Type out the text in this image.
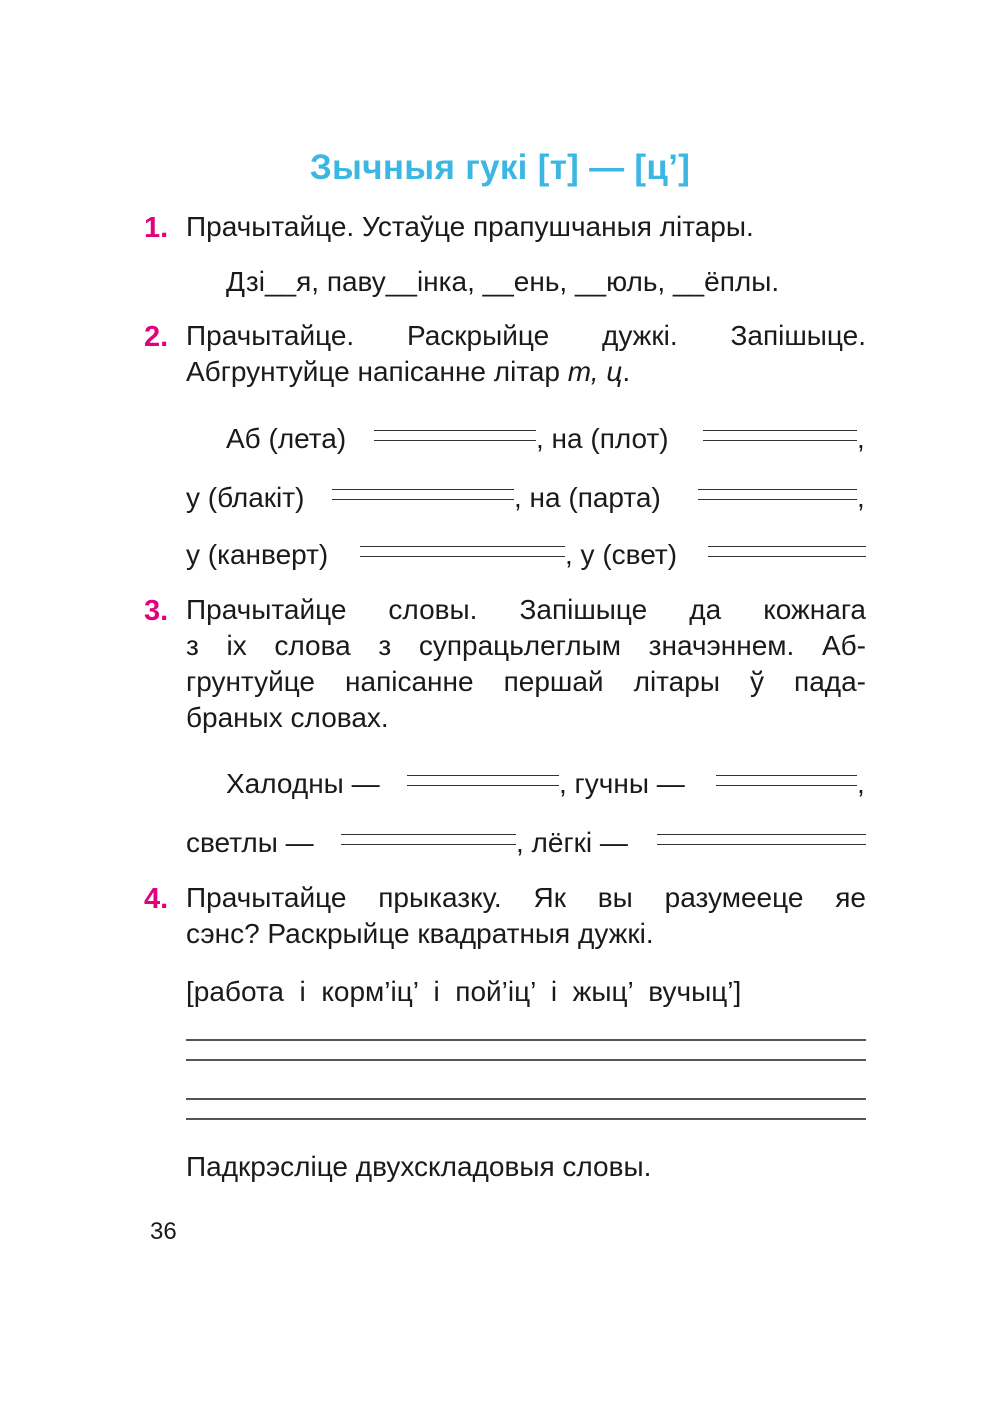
Зычныя гукі [т] — [ц’]
1. Прачытайце. Устаўце прапушчаныя літары.
Дзі__я, паву__інка, __ень, __юль, __ёплы.
2. Прачытайце. Раскрыйце дужкі. Запішыце.
Абгрунтуйце напісанне літар т, ц.
Аб (лета)	, на (плот)	,
у (блакіт)	, на (парта)	,
у (канверт)	, у (свет)
3. Прачытайце словы. Запішыце да кожнага
з іх слова з супрацьлеглым значэннем. Аб-
грунтуйце напісанне першай літары ў пада-
браных словах.
Халодны —	, гучны —	,
светлы —	, лёгкі —
4. Прачытайце прыказку. Як вы разумееце яе
сэнс? Раскрыйце квадратныя дужкі.
[работа  і  корм’іц’  і  пой’іц’  і  жыц’  вучыц’]
Падкрэсліце двухскладовыя словы.
36
